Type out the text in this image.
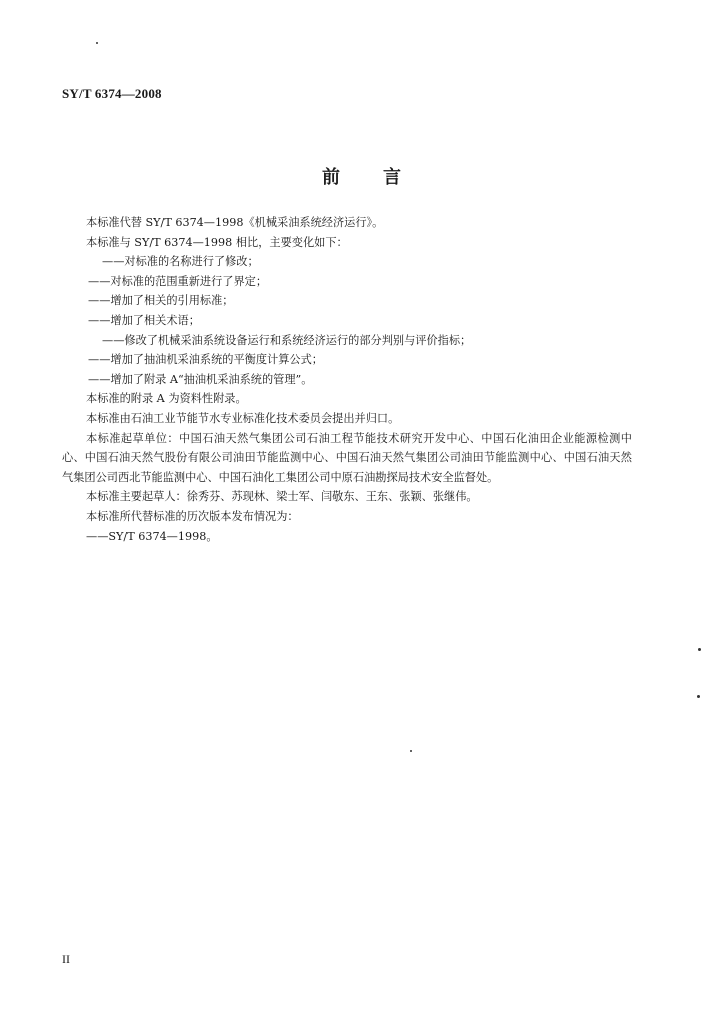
SY/T 6374—2008
前 言
本标准代替 SY/T 6374—1998《机械采油系统经济运行》。
本标准与 SY/T 6374—1998 相比，主要变化如下：
——对标准的名称进行了修改；
——对标准的范围重新进行了界定；
——增加了相关的引用标准；
——增加了相关术语；
——修改了机械采油系统设备运行和系统经济运行的部分判别与评价指标；
——增加了抽油机采油系统的平衡度计算公式；
——增加了附录 A“抽油机采油系统的管理”。
本标准的附录 A 为资料性附录。
本标准由石油工业节能节水专业标准化技术委员会提出并归口。
本标准起草单位：中国石油天然气集团公司石油工程节能技术研究开发中心、中国石化油田企业能源检测中心、中国石油天然气股份有限公司油田节能监测中心、中国石油天然气集团公司油田节能监测中心、中国石油天然气集团公司西北节能监测中心、中国石油化工集团公司中原石油勘探局技术安全监督处。
本标准主要起草人：徐秀芬、苏现林、梁士军、闫敬东、王东、张颖、张继伟。
本标准所代替标准的历次版本发布情况为：
——SY/T 6374—1998。
II
